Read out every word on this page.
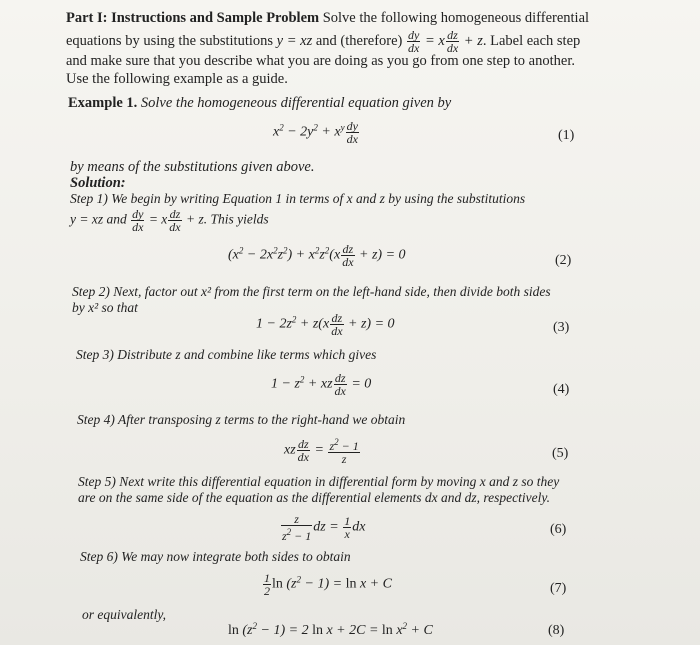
Part I: Instructions and Sample Problem Solve the following homogeneous differential
equations by using the substitutions y = xz and (therefore) $\frac{dy}{dx} = x \frac{dz}{dx} + z$. Label each step
and make sure that you describe what you are doing as you go from one step to another.
Use the following example as a guide.
Example 1. Solve the homogeneous differential equation given by
$x^2 - 2y^2 + x^y \frac{dy}{dx}$	(1)
by means of the substitutions given above.
Solution:
Step 1) We begin by writing Equation 1 in terms of x and z by using the substitutions
y = xz and $\frac{dy}{dx} = x \frac{dz}{dx} + z$. This yields
$(x^2 - 2x^2z^2) + x^2z^2(x \frac{dz}{dx} + z) = 0$	(2)
Step 2) Next, factor out x² from the first term on the left-hand side, then divide both sides
by x² so that
$1 - 2z^2 + z(x \frac{dz}{dx} + z) = 0$	(3)
Step 3) Distribute z and combine like terms which gives
$1 - z^2$ + xz $\frac{dz}{dx} = 0$	(4)
Step 4) After transposing z terms to the right-hand we obtain
xz $\frac{dz}{dx} = \frac{z^2 - 1}{z}$	(5)
Step 5) Next write this differential equation in differential form by moving x and z so they
are on the same side of the equation as the differential elements dx and dz, respectively.
$\frac{z}{z^2 - 1}$ dz = $\frac{1}{x}$ dx	(6)
Step 6) We may now integrate both sides to obtain
$\frac{1}{2}$ $\ln (z^2 - 1) = \ln x + C$	(7)
or equivalently,
$\ln (z^2 - 1) = 2$ $\ln x + 2C = \ln x^2 + C$	(8)
